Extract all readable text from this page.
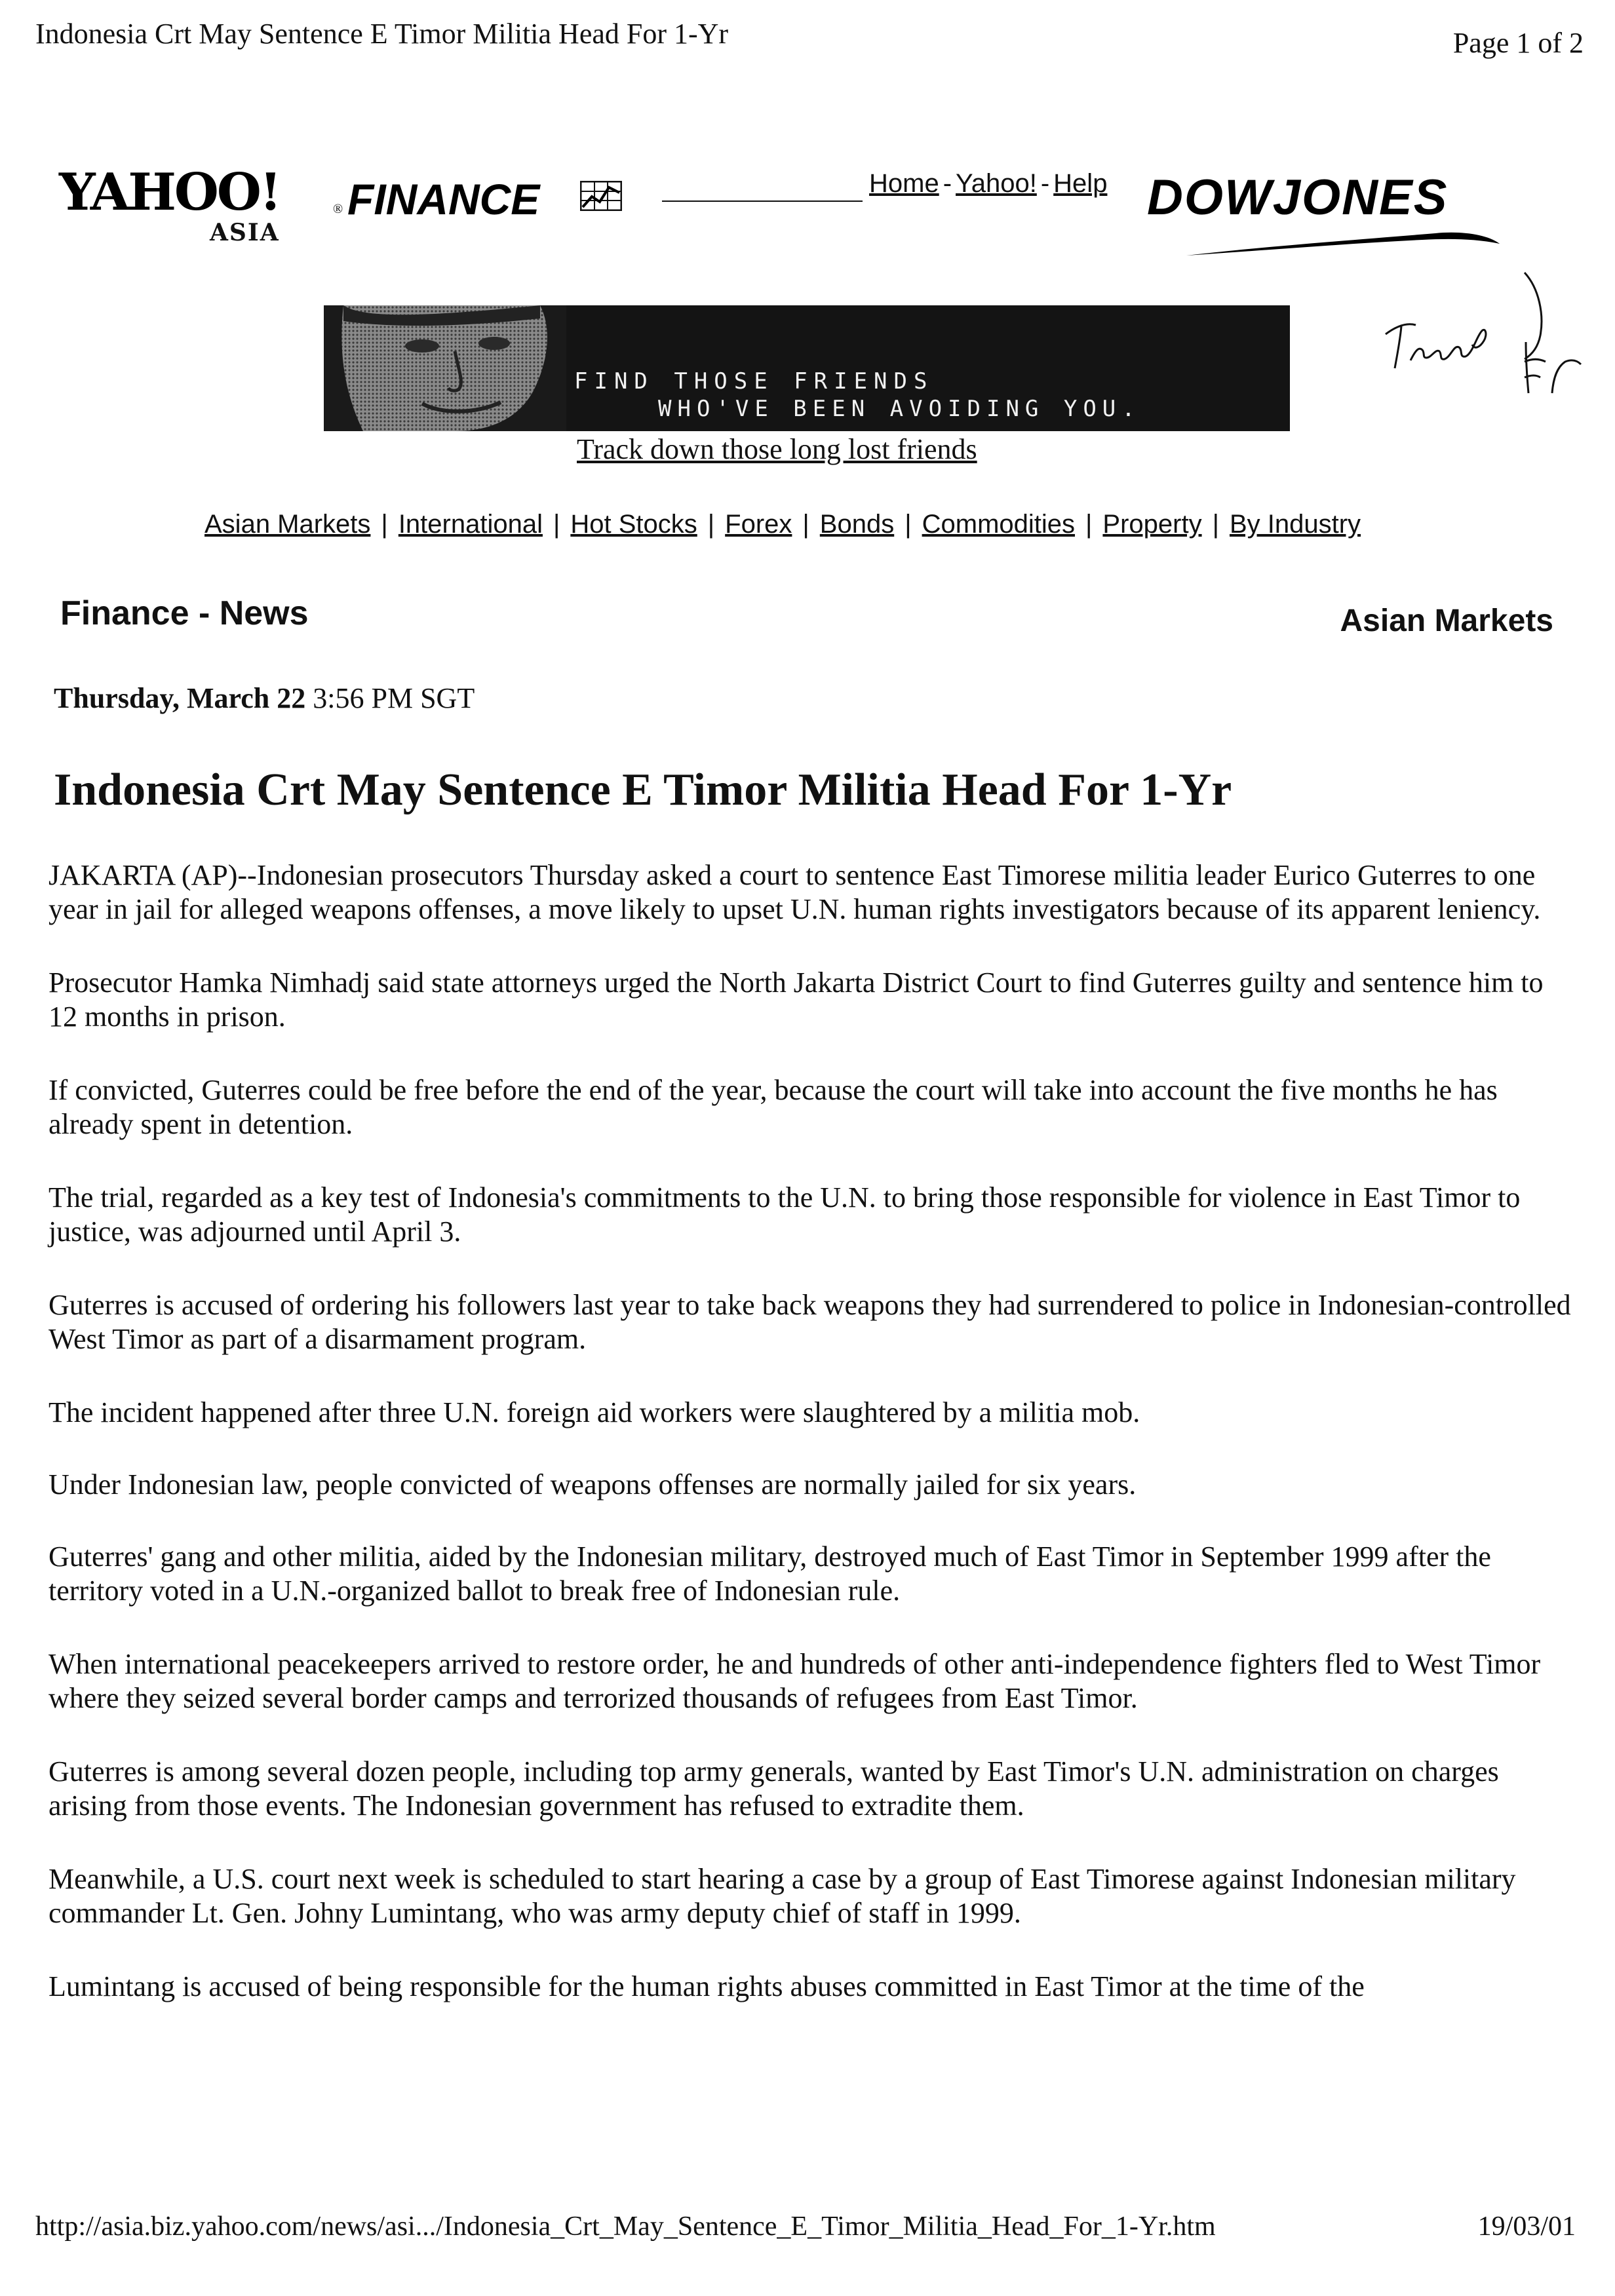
Indonesia Crt May Sentence E Timor Militia Head For 1-Yr	Page 1 of 2
YAHOO!	®
ASIA
FINANCE	Home - Yahoo! - Help DOWJONES
FIND THOSE FRIENDS
WHO'VE BEEN AVOIDING YOU.
Track down those long lost friends
Asian Markets | International | Hot Stocks | Forex | Bonds | Commodities | Property | By Industry
Finance - News	Asian Markets
Thursday, March 22 3:56 PM SGT
Indonesia Crt May Sentence E Timor Militia Head For 1-Yr

JAKARTA (AP)--Indonesian prosecutors Thursday asked a court to sentence East Timorese militia leader Eurico Guterres to one year in jail for alleged weapons offenses, a move likely to upset U.N. human rights investigators because of its apparent leniency.

Prosecutor Hamka Nimhadj said state attorneys urged the North Jakarta District Court to find Guterres guilty and sentence him to 12 months in prison.

If convicted, Guterres could be free before the end of the year, because the court will take into account the five months he has already spent in detention.

The trial, regarded as a key test of Indonesia's commitments to the U.N. to bring those responsible for violence in East Timor to justice, was adjourned until April 3.

Guterres is accused of ordering his followers last year to take back weapons they had surrendered to police in Indonesian-controlled West Timor as part of a disarmament program.

The incident happened after three U.N. foreign aid workers were slaughtered by a militia mob.

Under Indonesian law, people convicted of weapons offenses are normally jailed for six years.

Guterres' gang and other militia, aided by the Indonesian military, destroyed much of East Timor in September 1999 after the territory voted in a U.N.-organized ballot to break free of Indonesian rule.

When international peacekeepers arrived to restore order, he and hundreds of other anti-independence fighters fled to West Timor where they seized several border camps and terrorized thousands of refugees from East Timor.

Guterres is among several dozen people, including top army generals, wanted by East Timor's U.N. administration on charges arising from those events. The Indonesian government has refused to extradite them.

Meanwhile, a U.S. court next week is scheduled to start hearing a case by a group of East Timorese against Indonesian military commander Lt. Gen. Johny Lumintang, who was army deputy chief of staff in 1999.

Lumintang is accused of being responsible for the human rights abuses committed in East Timor at the time of the

http://asia.biz.yahoo.com/news/asi.../Indonesia_Crt_May_Sentence_E_Timor_Militia_Head_For_1-Yr.htm	19/03/01
